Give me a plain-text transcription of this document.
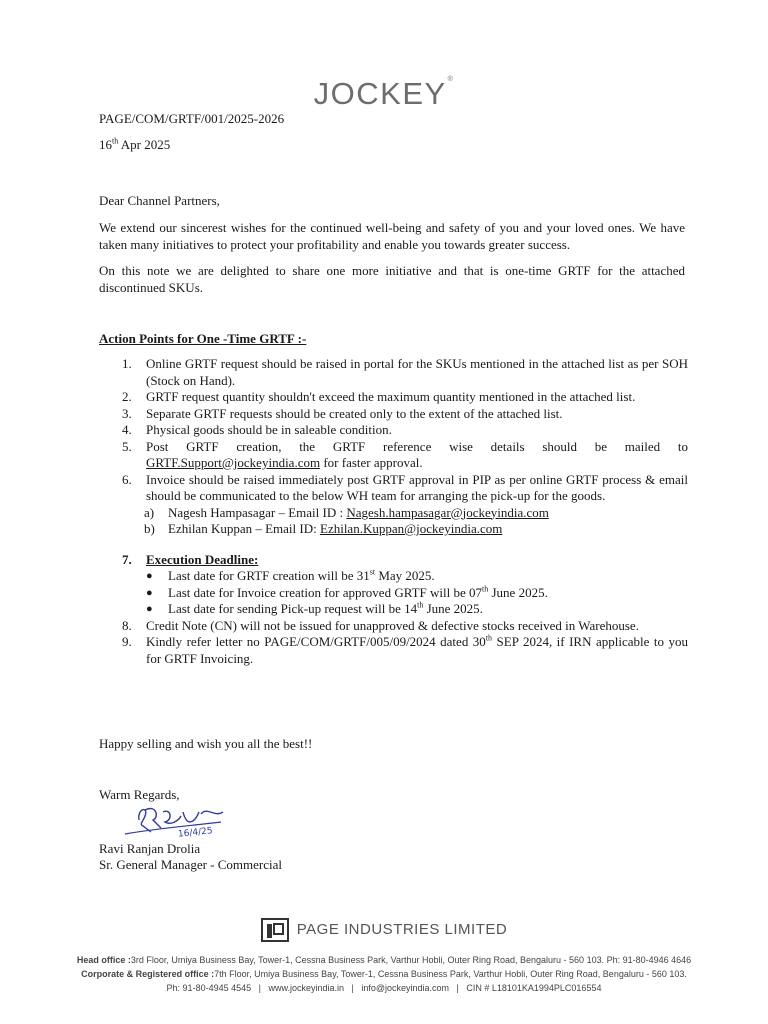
JOCKEY®
PAGE/COM/GRTF/001/2025-2026
16th Apr 2025
Dear Channel Partners,
We extend our sincerest wishes for the continued well-being and safety of you and your loved ones. We have taken many initiatives to protect your profitability and enable you towards greater success.
On this note we are delighted to share one more initiative and that is one-time GRTF for the attached discontinued SKUs.
Action Points for One -Time GRTF :-
1.	Online GRTF request should be raised in portal for the SKUs mentioned in the attached list as per SOH (Stock on Hand).
2.	GRTF request quantity shouldn't exceed the maximum quantity mentioned in the attached list.
3.	Separate GRTF requests should be created only to the extent of the attached list.
4.	Physical goods should be in saleable condition.
5.	Post GRTF creation, the GRTF reference wise details should be mailed to GRTF.Support@jockeyindia.com for faster approval.
6.	Invoice should be raised immediately post GRTF approval in PIP as per online GRTF process & email should be communicated to the below WH team for arranging the pick-up for the goods.
a)	Nagesh Hampasagar – Email ID : Nagesh.hampasagar@jockeyindia.com
b)	Ezhilan Kuppan – Email ID: Ezhilan.Kuppan@jockeyindia.com
7.	Execution Deadline:
●	Last date for GRTF creation will be 31st May 2025.
●	Last date for Invoice creation for approved GRTF will be 07th June 2025.
●	Last date for sending Pick-up request will be 14th June 2025.
8.	Credit Note (CN) will not be issued for unapproved & defective stocks received in Warehouse.
9.	Kindly refer letter no PAGE/COM/GRTF/005/09/2024 dated 30th SEP 2024, if IRN applicable to you for GRTF Invoicing.
Happy selling and wish you all the best!!
Warm Regards,
16/4/25
Ravi Ranjan Drolia
Sr. General Manager - Commercial
PAGE INDUSTRIES LIMITED
Head office :3rd Floor, Umiya Business Bay, Tower-1, Cessna Business Park, Varthur Hobli, Outer Ring Road, Bengaluru - 560 103. Ph: 91-80-4946 4646
Corporate & Registered office :7th Floor, Umiya Business Bay, Tower-1, Cessna Business Park, Varthur Hobli, Outer Ring Road, Bengaluru - 560 103.
Ph: 91-80-4945 4545   |   www.jockeyindia.in   |   info@jockeyindia.com   |   CIN # L18101KA1994PLC016554
